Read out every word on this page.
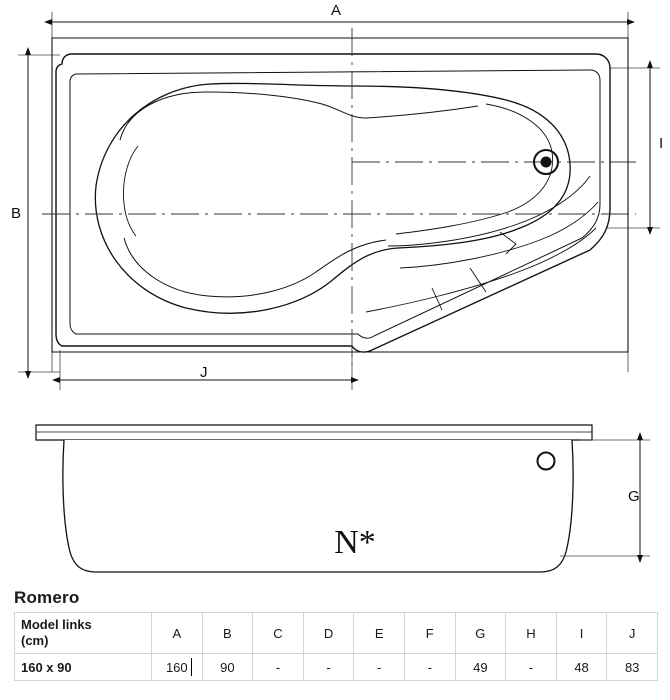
N*
A
B
I
J
G
Romero
Model links
(cm)	A	B	C	D	E	F	G	H	I	J
160 x 90	160	90	-	-	-	-	49	-	48	83
